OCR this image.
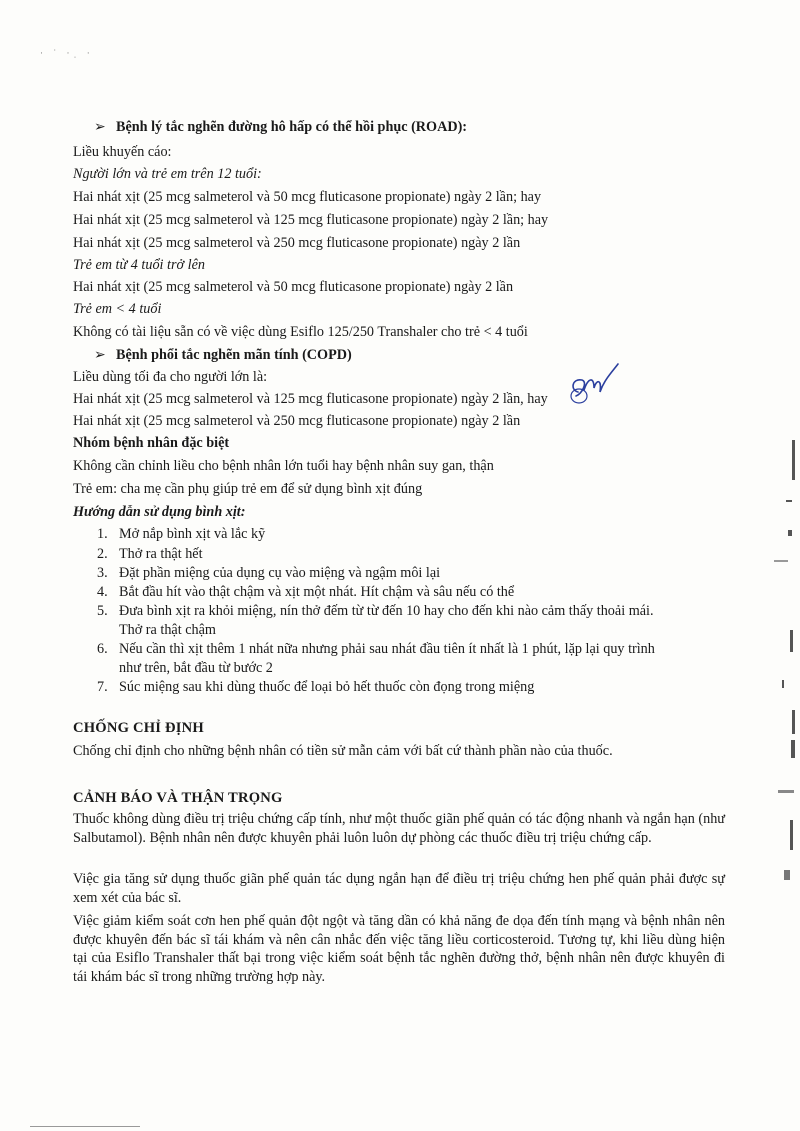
· ˙ ·ˌ ·
➢ Bệnh lý tắc nghẽn đường hô hấp có thể hồi phục (ROAD):
Liều khuyến cáo:
Người lớn và trẻ em trên 12 tuổi:
Hai nhát xịt (25 mcg salmeterol và 50 mcg fluticasone propionate) ngày 2 lần; hay
Hai nhát xịt (25 mcg salmeterol và 125 mcg fluticasone propionate) ngày 2 lần; hay
Hai nhát xịt (25 mcg salmeterol và 250 mcg fluticasone propionate) ngày 2 lần
Trẻ em từ 4 tuổi trở lên
Hai nhát xịt (25 mcg salmeterol và 50 mcg fluticasone propionate) ngày 2 lần
Trẻ em < 4 tuổi
Không có tài liệu sẵn có về việc dùng Esiflo 125/250 Transhaler cho trẻ < 4 tuổi
➢ Bệnh phổi tắc nghẽn mãn tính (COPD)
Liều dùng tối đa cho người lớn là:
Hai nhát xịt (25 mcg salmeterol và 125 mcg fluticasone propionate) ngày 2 lần, hay
Hai nhát xịt (25 mcg salmeterol và 250 mcg fluticasone propionate) ngày 2 lần
Nhóm bệnh nhân đặc biệt
Không cần chỉnh liều cho bệnh nhân lớn tuổi hay bệnh nhân suy gan, thận
Trẻ em: cha mẹ cần phụ giúp trẻ em để sử dụng bình xịt đúng
Hướng dẫn sử dụng bình xịt:
1. Mở nắp bình xịt và lắc kỹ
2. Thở ra thật hết
3. Đặt phần miệng của dụng cụ vào miệng và ngậm môi lại
4. Bắt đầu hít vào thật chậm và xịt một nhát. Hít chậm và sâu nếu có thể
5. Đưa bình xịt ra khỏi miệng, nín thở đếm từ từ đến 10 hay cho đến khi nào cảm thấy thoải mái.
Thở ra thật chậm
6. Nếu cần thì xịt thêm 1 nhát nữa nhưng phải sau nhát đầu tiên ít nhất là 1 phút, lặp lại quy trình
như trên, bắt đầu từ bước 2
7. Súc miệng sau khi dùng thuốc để loại bỏ hết thuốc còn đọng trong miệng
CHỐNG CHỈ ĐỊNH
Chống chỉ định cho những bệnh nhân có tiền sử mẫn cảm với bất cứ thành phần nào của thuốc.
CẢNH BÁO VÀ THẬN TRỌNG
Thuốc không dùng điều trị triệu chứng cấp tính, như một thuốc giãn phế quản có tác động nhanh và ngắn hạn (như Salbutamol). Bệnh nhân nên được khuyên phải luôn luôn dự phòng các thuốc điều trị triệu chứng cấp.
Việc gia tăng sử dụng thuốc giãn phế quản tác dụng ngắn hạn để điều trị triệu chứng hen phế quản phải được sự xem xét của bác sĩ.
Việc giảm kiểm soát cơn hen phế quản đột ngột và tăng dần có khả năng đe dọa đến tính mạng và bệnh nhân nên được khuyên đến bác sĩ tái khám và nên cân nhắc đến việc tăng liều corticosteroid. Tương tự, khi liều dùng hiện tại của Esiflo Transhaler thất bại trong việc kiểm soát bệnh tắc nghẽn đường thở, bệnh nhân nên được khuyên đi tái khám bác sĩ trong những trường hợp này.
